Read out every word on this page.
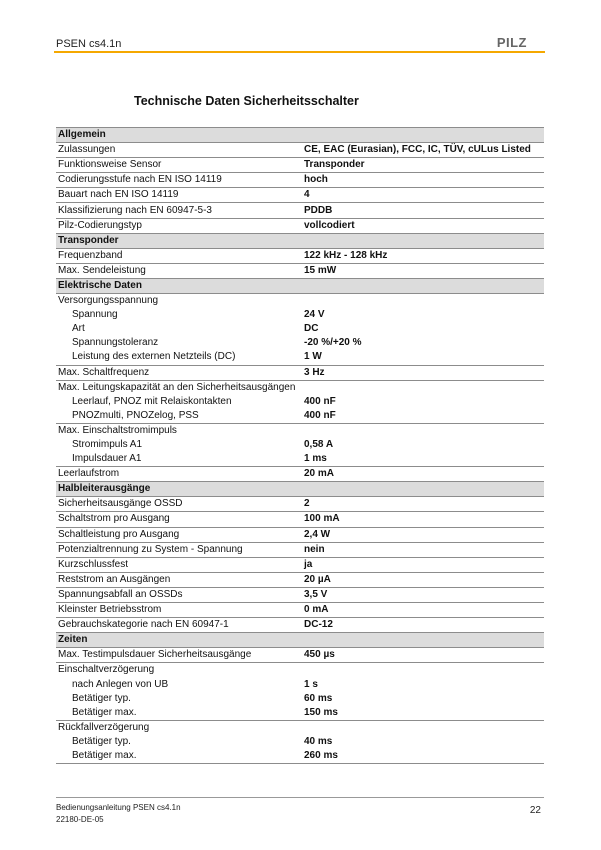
PSEN cs4.1n	PILZ
Technische Daten Sicherheitsschalter
Allgemein	
Zulassungen	CE, EAC (Eurasian), FCC, IC, TÜV, cULus Listed
Funktionsweise Sensor	Transponder
Codierungsstufe nach EN ISO 14119	hoch
Bauart nach EN ISO 14119	4
Klassifizierung nach EN 60947-5-3	PDDB
Pilz-Codierungstyp	vollcodiert
Transponder	
Frequenzband	122 kHz - 128 kHz
Max. Sendeleistung	15 mW
Elektrische Daten	
Versorgungsspannung	
Spannung	24 V
Art	DC
Spannungstoleranz	-20 %/+20 %
Leistung des externen Netzteils (DC)	1 W
Max. Schaltfrequenz	3 Hz
Max. Leitungskapazität an den Sicherheitsausgängen	
Leerlauf, PNOZ mit Relaiskontakten	400 nF
PNOZmulti, PNOZelog, PSS	400 nF
Max. Einschaltstromimpuls	
Stromimpuls A1	0,58 A
Impulsdauer A1	1 ms
Leerlaufstrom	20 mA
Halbleiterausgänge	
Sicherheitsausgänge OSSD	2
Schaltstrom pro Ausgang	100 mA
Schaltleistung pro Ausgang	2,4 W
Potenzialtrennung zu System - Spannung	nein
Kurzschlussfest	ja
Reststrom an Ausgängen	20 µA
Spannungsabfall an OSSDs	3,5 V
Kleinster Betriebsstrom	0 mA
Gebrauchskategorie nach EN 60947-1	DC-12
Zeiten	
Max. Testimpulsdauer Sicherheitsausgänge	450 µs
Einschaltverzögerung	
nach Anlegen von UB	1 s
Betätiger typ.	60 ms
Betätiger max.	150 ms
Rückfallverzögerung	
Betätiger typ.	40 ms
Betätiger max.	260 ms
Bedienungsanleitung PSEN cs4.1n
22180-DE-05
22
